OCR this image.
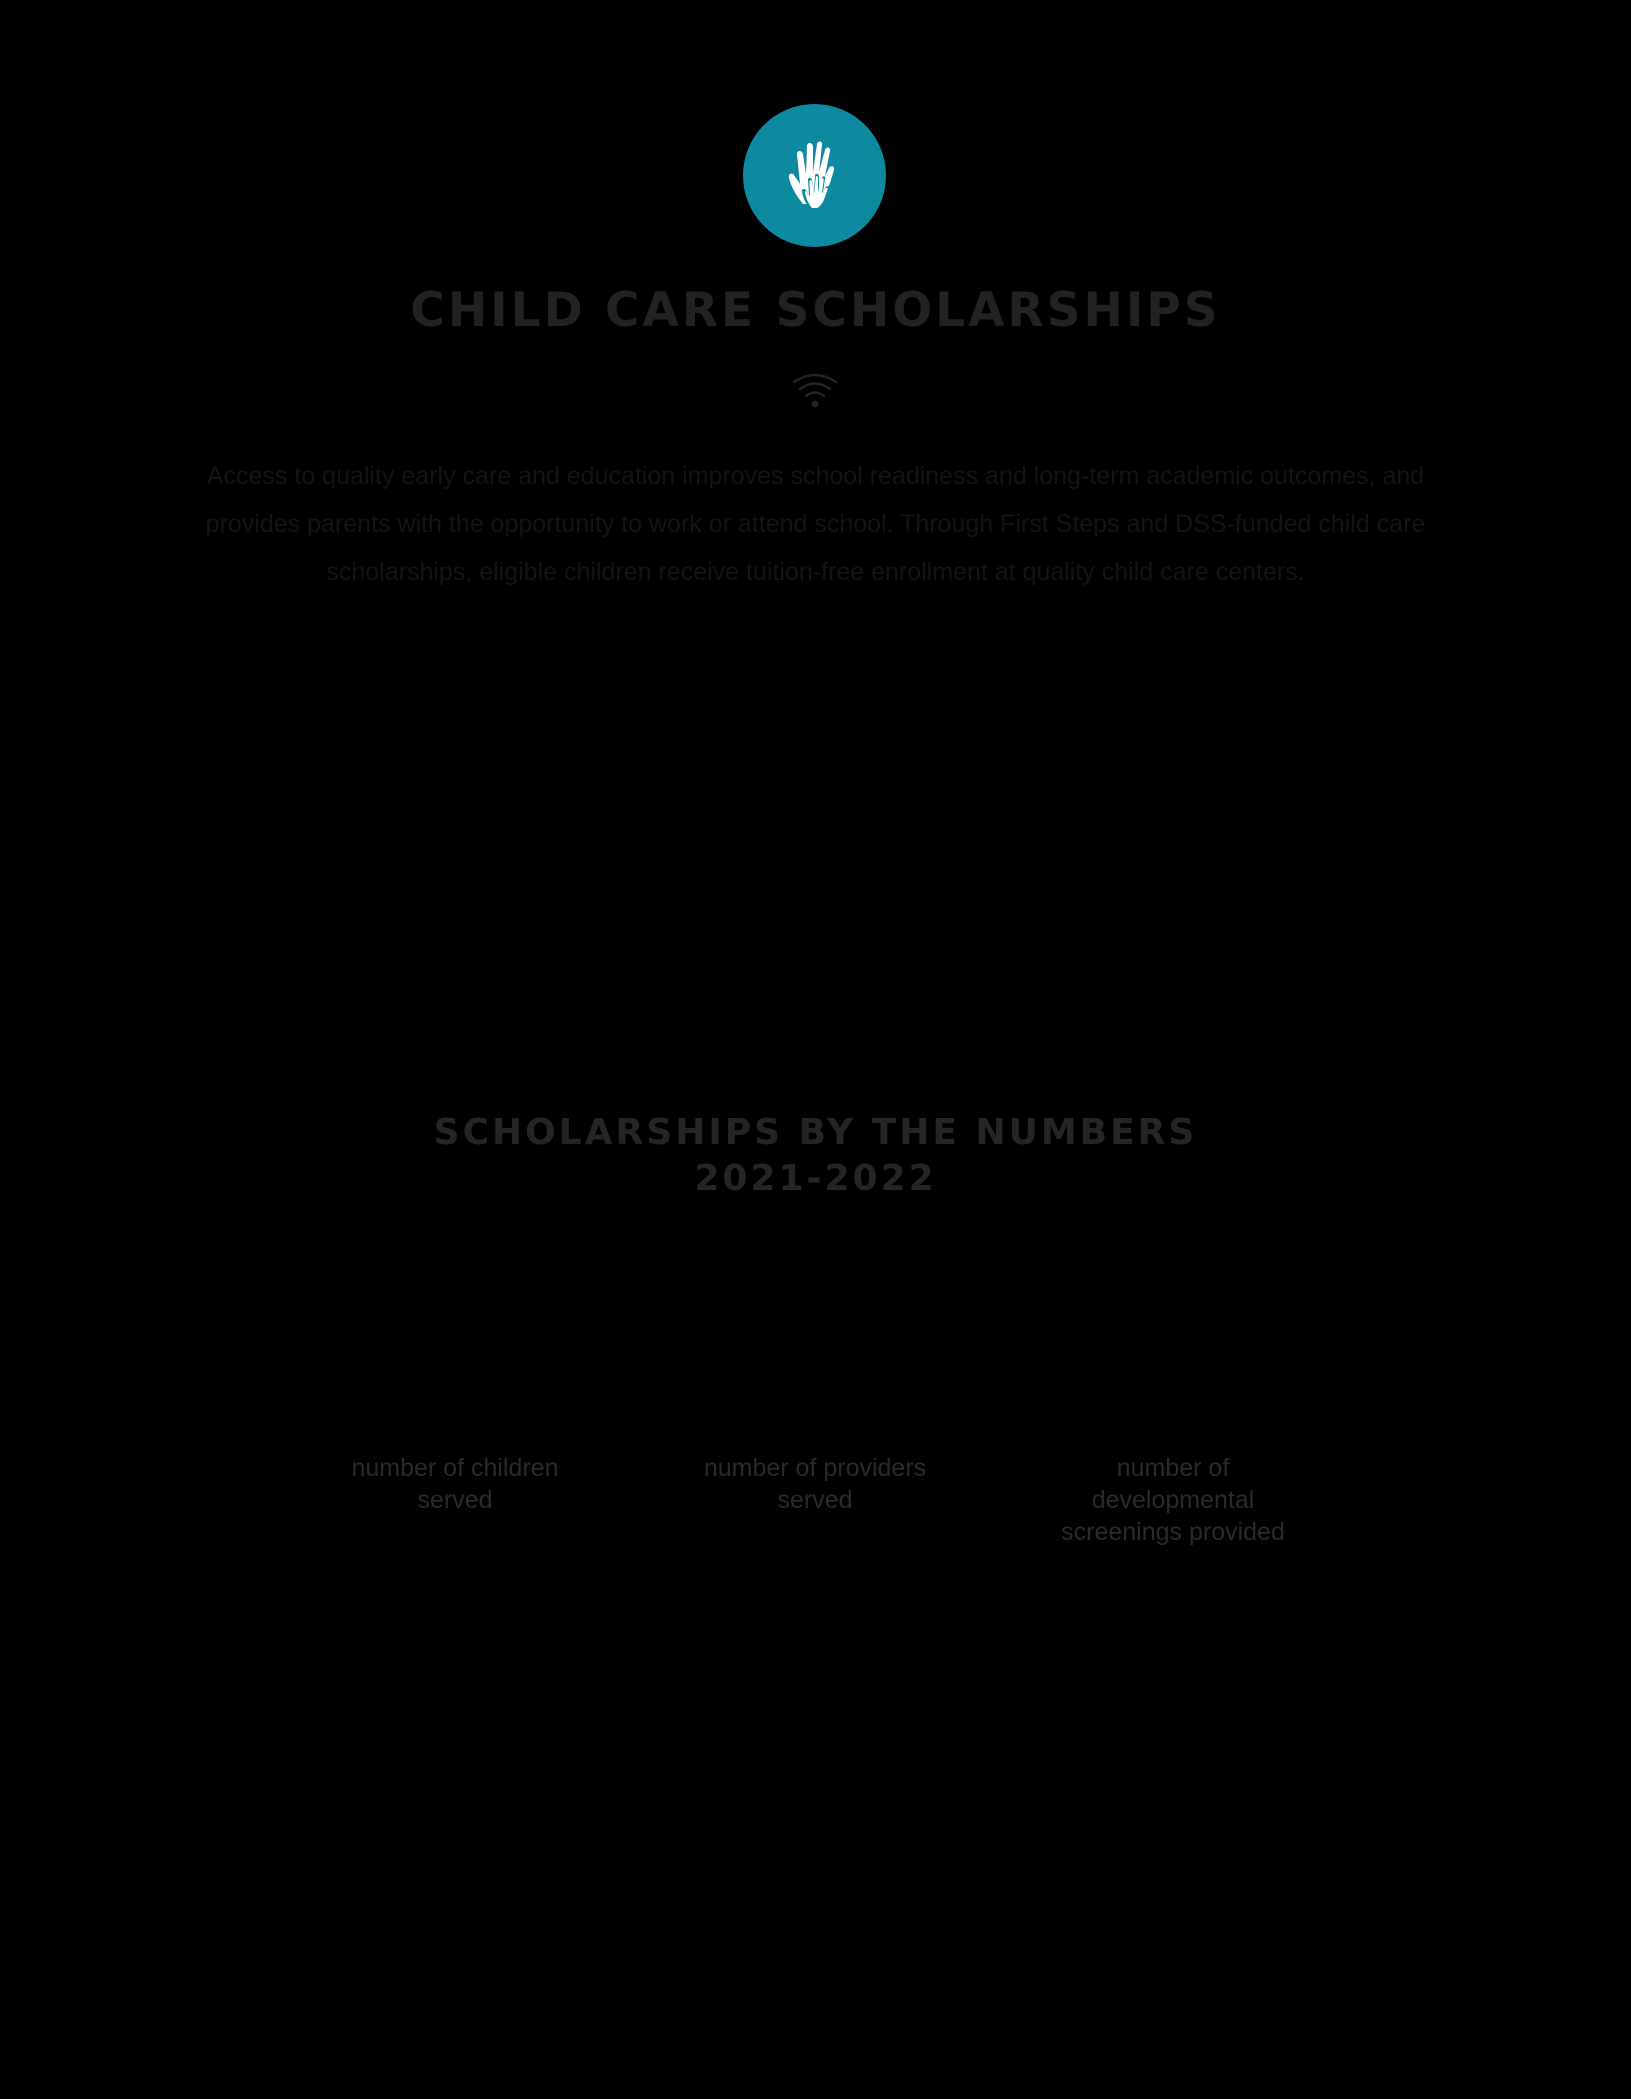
CHILD CARE SCHOLARSHIPS

Access to quality early care and education improves school readiness and long-term academic outcomes, and provides parents with the opportunity to work or attend school. Through First Steps and DSS-funded child care scholarships, eligible children receive tuition-free enrollment at quality child care centers.

SCHOLARSHIPS BY THE NUMBERS
2021-2022
number of children served
number of providers served
number of developmental screenings provided
